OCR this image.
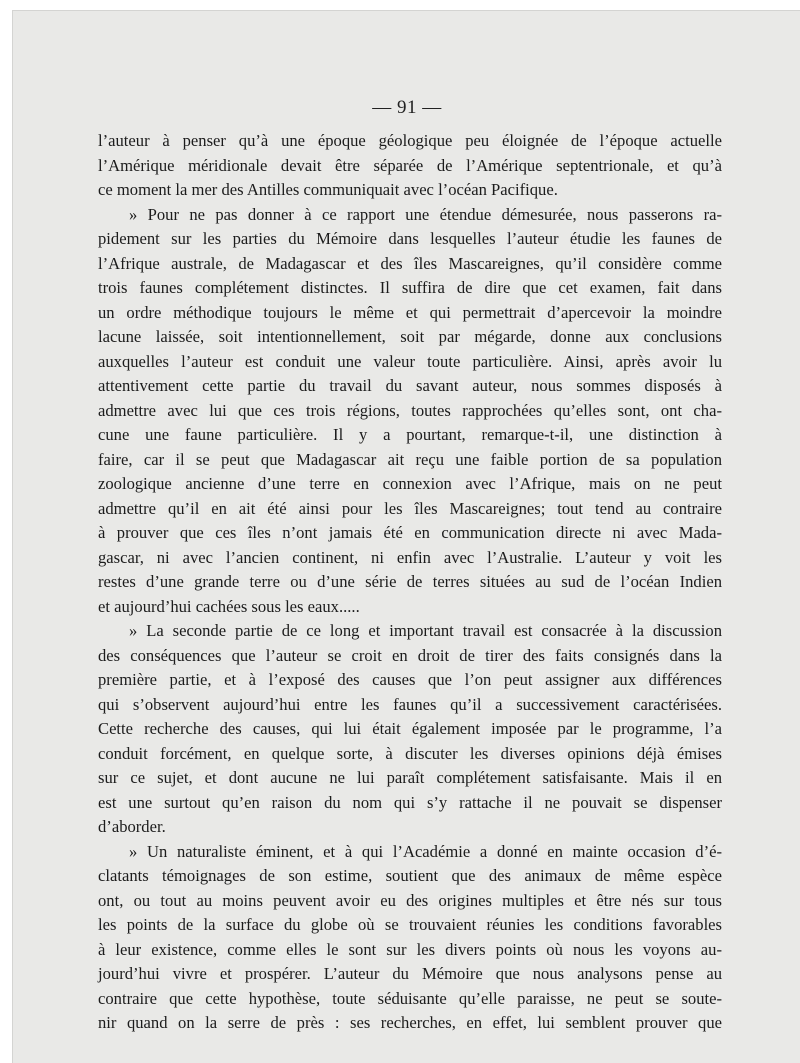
— 91 —

l’auteur à penser qu’à une époque géologique peu éloignée de l’époque actuelle
l’Amérique méridionale devait être séparée de l’Amérique septentrionale, et qu’à
ce moment la mer des Antilles communiquait avec l’océan Pacifique.
» Pour ne pas donner à ce rapport une étendue démesurée, nous passerons ra-
pidement sur les parties du Mémoire dans lesquelles l’auteur étudie les faunes de
l’Afrique australe, de Madagascar et des îles Mascareignes, qu’il considère comme
trois faunes complétement distinctes. Il suffira de dire que cet examen, fait dans
un ordre méthodique toujours le même et qui permettrait d’apercevoir la moindre
lacune laissée, soit intentionnellement, soit par mégarde, donne aux conclusions
auxquelles l’auteur est conduit une valeur toute particulière. Ainsi, après avoir lu
attentivement cette partie du travail du savant auteur, nous sommes disposés à
admettre avec lui que ces trois régions, toutes rapprochées qu’elles sont, ont cha-
cune une faune particulière. Il y a pourtant, remarque-t-il, une distinction à
faire, car il se peut que Madagascar ait reçu une faible portion de sa population
zoologique ancienne d’une terre en connexion avec l’Afrique, mais on ne peut
admettre qu’il en ait été ainsi pour les îles Mascareignes; tout tend au contraire
à prouver que ces îles n’ont jamais été en communication directe ni avec Mada-
gascar, ni avec l’ancien continent, ni enfin avec l’Australie. L’auteur y voit les
restes d’une grande terre ou d’une série de terres situées au sud de l’océan Indien
et aujourd’hui cachées sous les eaux.....
» La seconde partie de ce long et important travail est consacrée à la discussion
des conséquences que l’auteur se croit en droit de tirer des faits consignés dans la
première partie, et à l’exposé des causes que l’on peut assigner aux différences
qui s’observent aujourd’hui entre les faunes qu’il a successivement caractérisées.
Cette recherche des causes, qui lui était également imposée par le programme, l’a
conduit forcément, en quelque sorte, à discuter les diverses opinions déjà émises
sur ce sujet, et dont aucune ne lui paraît complétement satisfaisante. Mais il en
est une surtout qu’en raison du nom qui s’y rattache il ne pouvait se dispenser
d’aborder.
» Un naturaliste éminent, et à qui l’Académie a donné en mainte occasion d’é-
clatants témoignages de son estime, soutient que des animaux de même espèce
ont, ou tout au moins peuvent avoir eu des origines multiples et être nés sur tous
les points de la surface du globe où se trouvaient réunies les conditions favorables
à leur existence, comme elles le sont sur les divers points où nous les voyons au-
jourd’hui vivre et prospérer. L’auteur du Mémoire que nous analysons pense au
contraire que cette hypothèse, toute séduisante qu’elle paraisse, ne peut se soute-
nir quand on la serre de près : ses recherches, en effet, lui semblent prouver que
